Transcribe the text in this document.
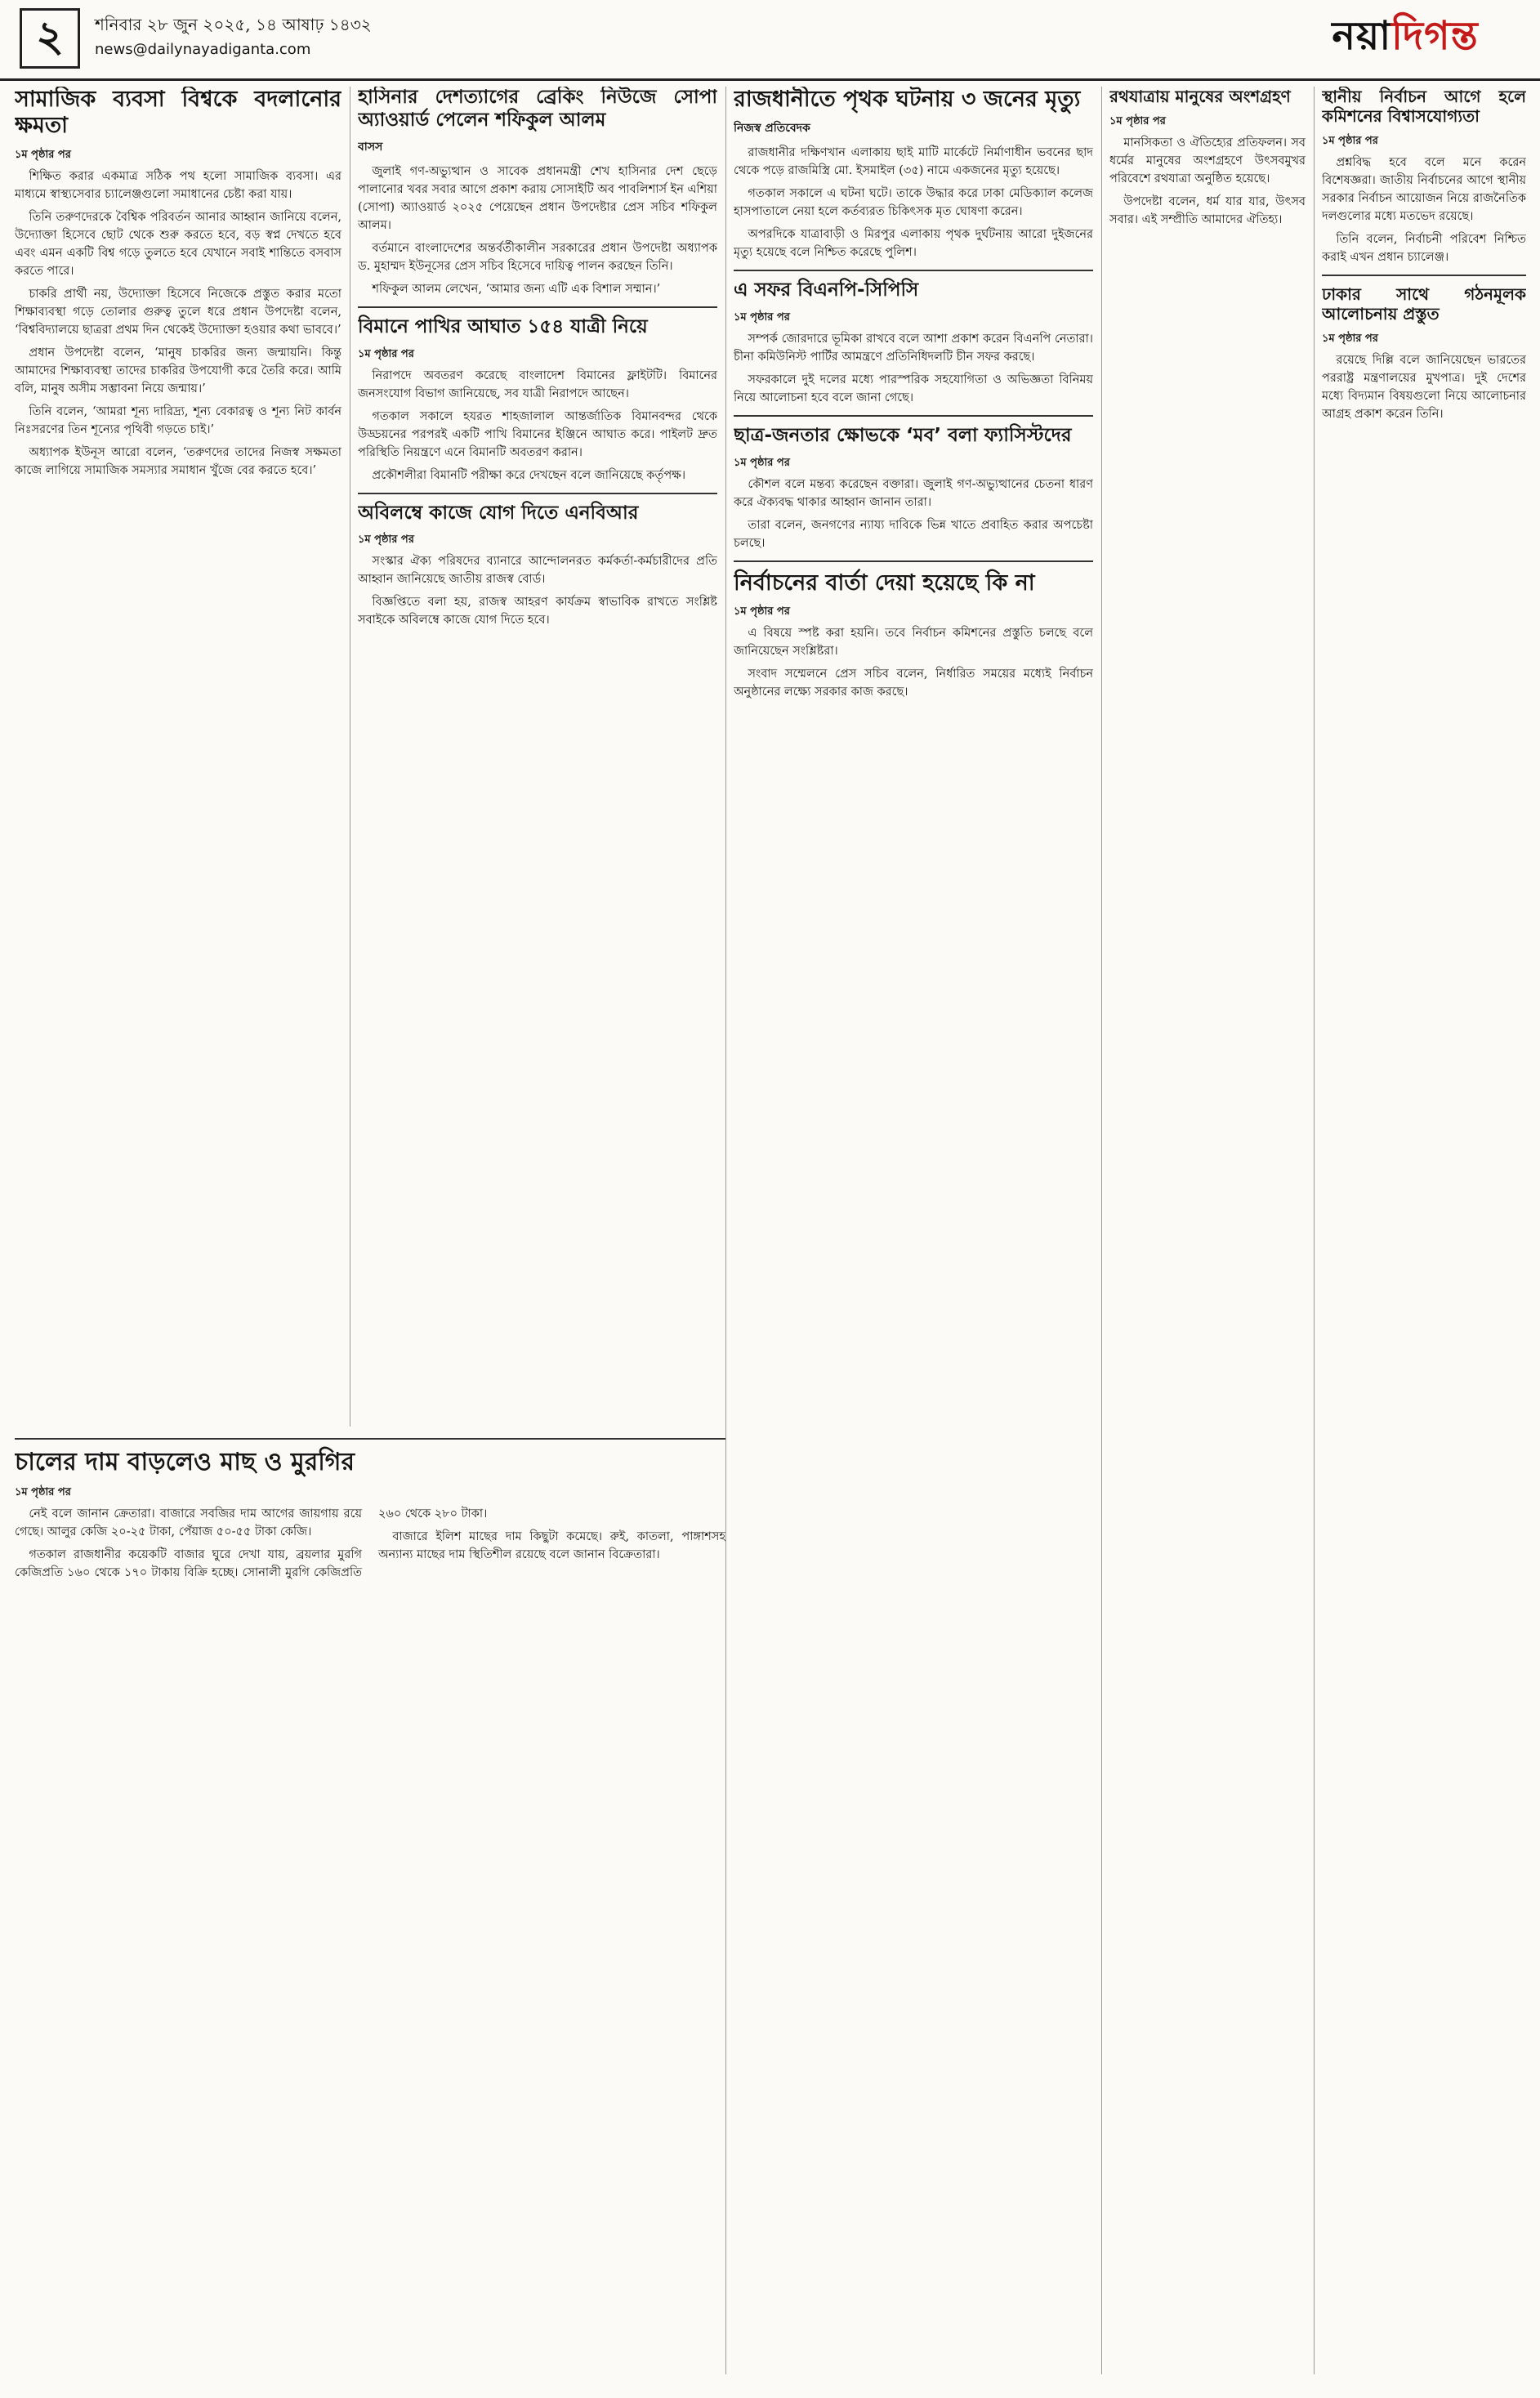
২	শনিবার ২৮ জুন ২০২৫, ১৪ আষাঢ় ১৪৩২
news@dailynayadiganta.com	নয়া দিগন্ত
সামাজিক ব্যবসা বিশ্বকে বদলানোর ক্ষমতা
১ম পৃষ্ঠার পর

শিক্ষিত করার একমাত্র সঠিক পথ হলো সামাজিক ব্যবসা। এর মাধ্যমে স্বাস্থ্যসেবার চ্যালেঞ্জগুলো সমাধানের চেষ্টা করা যায়।

তিনি তরুণদেরকে বৈশ্বিক পরিবর্তন আনার আহ্বান জানিয়ে বলেন, উদ্যোক্তা হিসেবে ছোট থেকে শুরু করতে হবে, বড় স্বপ্ন দেখতে হবে এবং এমন একটি বিশ্ব গড়ে তুলতে হবে যেখানে সবাই শান্তিতে বসবাস করতে পারে।

চাকরি প্রার্থী নয়, উদ্যোক্তা হিসেবে নিজেকে প্রস্তুত করার মতো শিক্ষাব্যবস্থা গড়ে তোলার গুরুত্ব তুলে ধরে প্রধান উপদেষ্টা বলেন, ‘বিশ্ববিদ্যালয়ে ছাত্ররা প্রথম দিন থেকেই উদ্যোক্তা হওয়ার কথা ভাববে।’

প্রধান উপদেষ্টা বলেন, ‘মানুষ চাকরির জন্য জন্মায়নি। কিন্তু আমাদের শিক্ষাব্যবস্থা তাদের চাকরির উপযোগী করে তৈরি করে। আমি বলি, মানুষ অসীম সম্ভাবনা নিয়ে জন্মায়।’

তিনি বলেন, ‘আমরা শূন্য দারিদ্র্য, শূন্য বেকারত্ব ও শূন্য নিট কার্বন নিঃসরণের তিন শূন্যের পৃথিবী গড়তে চাই।’

অধ্যাপক ইউনূস আরো বলেন, ‘তরুণদের তাদের নিজস্ব সক্ষমতা কাজে লাগিয়ে সামাজিক সমস্যার সমাধান খুঁজে বের করতে হবে।’

চালের দাম বাড়লেও মাছ ও মুরগির
১ম পৃষ্ঠার পর

নেই বলে জানান ক্রেতারা। বাজারে সবজির দাম আগের জায়গায় রয়ে গেছে। আলুর কেজি ২০-২৫ টাকা, পেঁয়াজ ৫০-৫৫ টাকা কেজি।

গতকাল রাজধানীর কয়েকটি বাজার ঘুরে দেখা যায়, ব্রয়লার মুরগি কেজিপ্রতি ১৬০ থেকে ১৭০ টাকায় বিক্রি হচ্ছে। সোনালী মুরগি কেজিপ্রতি ২৬০ থেকে ২৮০ টাকা।

বাজারে ইলিশ মাছের দাম কিছুটা কমেছে। রুই, কাতলা, পাঙ্গাশসহ অন্যান্য মাছের দাম স্থিতিশীল রয়েছে বলে জানান বিক্রেতারা।

হাসিনার দেশত্যাগের ব্রেকিং নিউজে সোপা অ্যাওয়ার্ড পেলেন শফিকুল আলম
বাসস

জুলাই গণ-অভ্যুত্থান ও সাবেক প্রধানমন্ত্রী শেখ হাসিনার দেশ ছেড়ে পালানোর খবর সবার আগে প্রকাশ করায় সোসাইটি অব পাবলিশার্স ইন এশিয়া (সোপা) অ্যাওয়ার্ড ২০২৫ পেয়েছেন প্রধান উপদেষ্টার প্রেস সচিব শফিকুল আলম।

বর্তমানে বাংলাদেশের অন্তর্বর্তীকালীন সরকারের প্রধান উপদেষ্টা অধ্যাপক ড. মুহাম্মদ ইউনূসের প্রেস সচিব হিসেবে দায়িত্ব পালন করছেন তিনি।

শফিকুল আলম লেখেন, ‘আমার জন্য এটি এক বিশাল সম্মান।’

বিমানে পাখির আঘাত ১৫৪ যাত্রী নিয়ে
১ম পৃষ্ঠার পর

নিরাপদে অবতরণ করেছে বাংলাদেশ বিমানের ফ্লাইটটি। বিমানের জনসংযোগ বিভাগ জানিয়েছে, সব যাত্রী নিরাপদে আছেন।

গতকাল সকালে হযরত শাহজালাল আন্তর্জাতিক বিমানবন্দর থেকে উড্ডয়নের পরপরই একটি পাখি বিমানের ইঞ্জিনে আঘাত করে। পাইলট দ্রুত পরিস্থিতি নিয়ন্ত্রণে এনে বিমানটি অবতরণ করান।

প্রকৌশলীরা বিমানটি পরীক্ষা করে দেখছেন বলে জানিয়েছে কর্তৃপক্ষ।

অবিলম্বে কাজে যোগ দিতে এনবিআর
১ম পৃষ্ঠার পর

সংস্কার ঐক্য পরিষদের ব্যানারে আন্দোলনরত কর্মকর্তা-কর্মচারীদের প্রতি আহ্বান জানিয়েছে জাতীয় রাজস্ব বোর্ড।

বিজ্ঞপ্তিতে বলা হয়, রাজস্ব আহরণ কার্যক্রম স্বাভাবিক রাখতে সংশ্লিষ্ট সবাইকে অবিলম্বে কাজে যোগ দিতে হবে।

রাজধানীতে পৃথক ঘটনায় ৩ জনের মৃত্যু
নিজস্ব প্রতিবেদক

রাজধানীর দক্ষিণখান এলাকায় ছাই মাটি মার্কেটে নির্মাণাধীন ভবনের ছাদ থেকে পড়ে রাজমিস্ত্রি মো. ইসমাইল (৩৫) নামে একজনের মৃত্যু হয়েছে।

গতকাল সকালে এ ঘটনা ঘটে। তাকে উদ্ধার করে ঢাকা মেডিক্যাল কলেজ হাসপাতালে নেয়া হলে কর্তব্যরত চিকিৎসক মৃত ঘোষণা করেন।

অপরদিকে যাত্রাবাড়ী ও মিরপুর এলাকায় পৃথক দুর্ঘটনায় আরো দুইজনের মৃত্যু হয়েছে বলে নিশ্চিত করেছে পুলিশ।

এ সফর বিএনপি-সিপিসি
১ম পৃষ্ঠার পর

সম্পর্ক জোরদারে ভূমিকা রাখবে বলে আশা প্রকাশ করেন বিএনপি নেতারা। চীনা কমিউনিস্ট পার্টির আমন্ত্রণে প্রতিনিধিদলটি চীন সফর করছে।

সফরকালে দুই দলের মধ্যে পারস্পরিক সহযোগিতা ও অভিজ্ঞতা বিনিময় নিয়ে আলোচনা হবে বলে জানা গেছে।

ছাত্র-জনতার ক্ষোভকে ‘মব’ বলা ফ্যাসিস্টদের
১ম পৃষ্ঠার পর

কৌশল বলে মন্তব্য করেছেন বক্তারা। জুলাই গণ-অভ্যুত্থানের চেতনা ধারণ করে ঐক্যবদ্ধ থাকার আহ্বান জানান তারা।

তারা বলেন, জনগণের ন্যায্য দাবিকে ভিন্ন খাতে প্রবাহিত করার অপচেষ্টা চলছে।

নির্বাচনের বার্তা দেয়া হয়েছে কি না
১ম পৃষ্ঠার পর

এ বিষয়ে স্পষ্ট করা হয়নি। তবে নির্বাচন কমিশনের প্রস্তুতি চলছে বলে জানিয়েছেন সংশ্লিষ্টরা।

সংবাদ সম্মেলনে প্রেস সচিব বলেন, নির্ধারিত সময়ের মধ্যেই নির্বাচন অনুষ্ঠানের লক্ষ্যে সরকার কাজ করছে।

রথযাত্রায় মানুষের অংশগ্রহণ
১ম পৃষ্ঠার পর

মানসিকতা ও ঐতিহ্যের প্রতিফলন। সব ধর্মের মানুষের অংশগ্রহণে উৎসবমুখর পরিবেশে রথযাত্রা অনুষ্ঠিত হয়েছে।

উপদেষ্টা বলেন, ধর্ম যার যার, উৎসব সবার। এই সম্প্রীতি আমাদের ঐতিহ্য।

স্থানীয় নির্বাচন আগে হলে কমিশনের বিশ্বাসযোগ্যতা
১ম পৃষ্ঠার পর

প্রশ্নবিদ্ধ হবে বলে মনে করেন বিশেষজ্ঞরা। জাতীয় নির্বাচনের আগে স্থানীয় সরকার নির্বাচন আয়োজন নিয়ে রাজনৈতিক দলগুলোর মধ্যে মতভেদ রয়েছে।

তিনি বলেন, নির্বাচনী পরিবেশ নিশ্চিত করাই এখন প্রধান চ্যালেঞ্জ।

ঢাকার সাথে গঠনমূলক আলোচনায় প্রস্তুত
১ম পৃষ্ঠার পর

রয়েছে দিল্লি বলে জানিয়েছেন ভারতের পররাষ্ট্র মন্ত্রণালয়ের মুখপাত্র। দুই দেশের মধ্যে বিদ্যমান বিষয়গুলো নিয়ে আলোচনার আগ্রহ প্রকাশ করেন তিনি।
